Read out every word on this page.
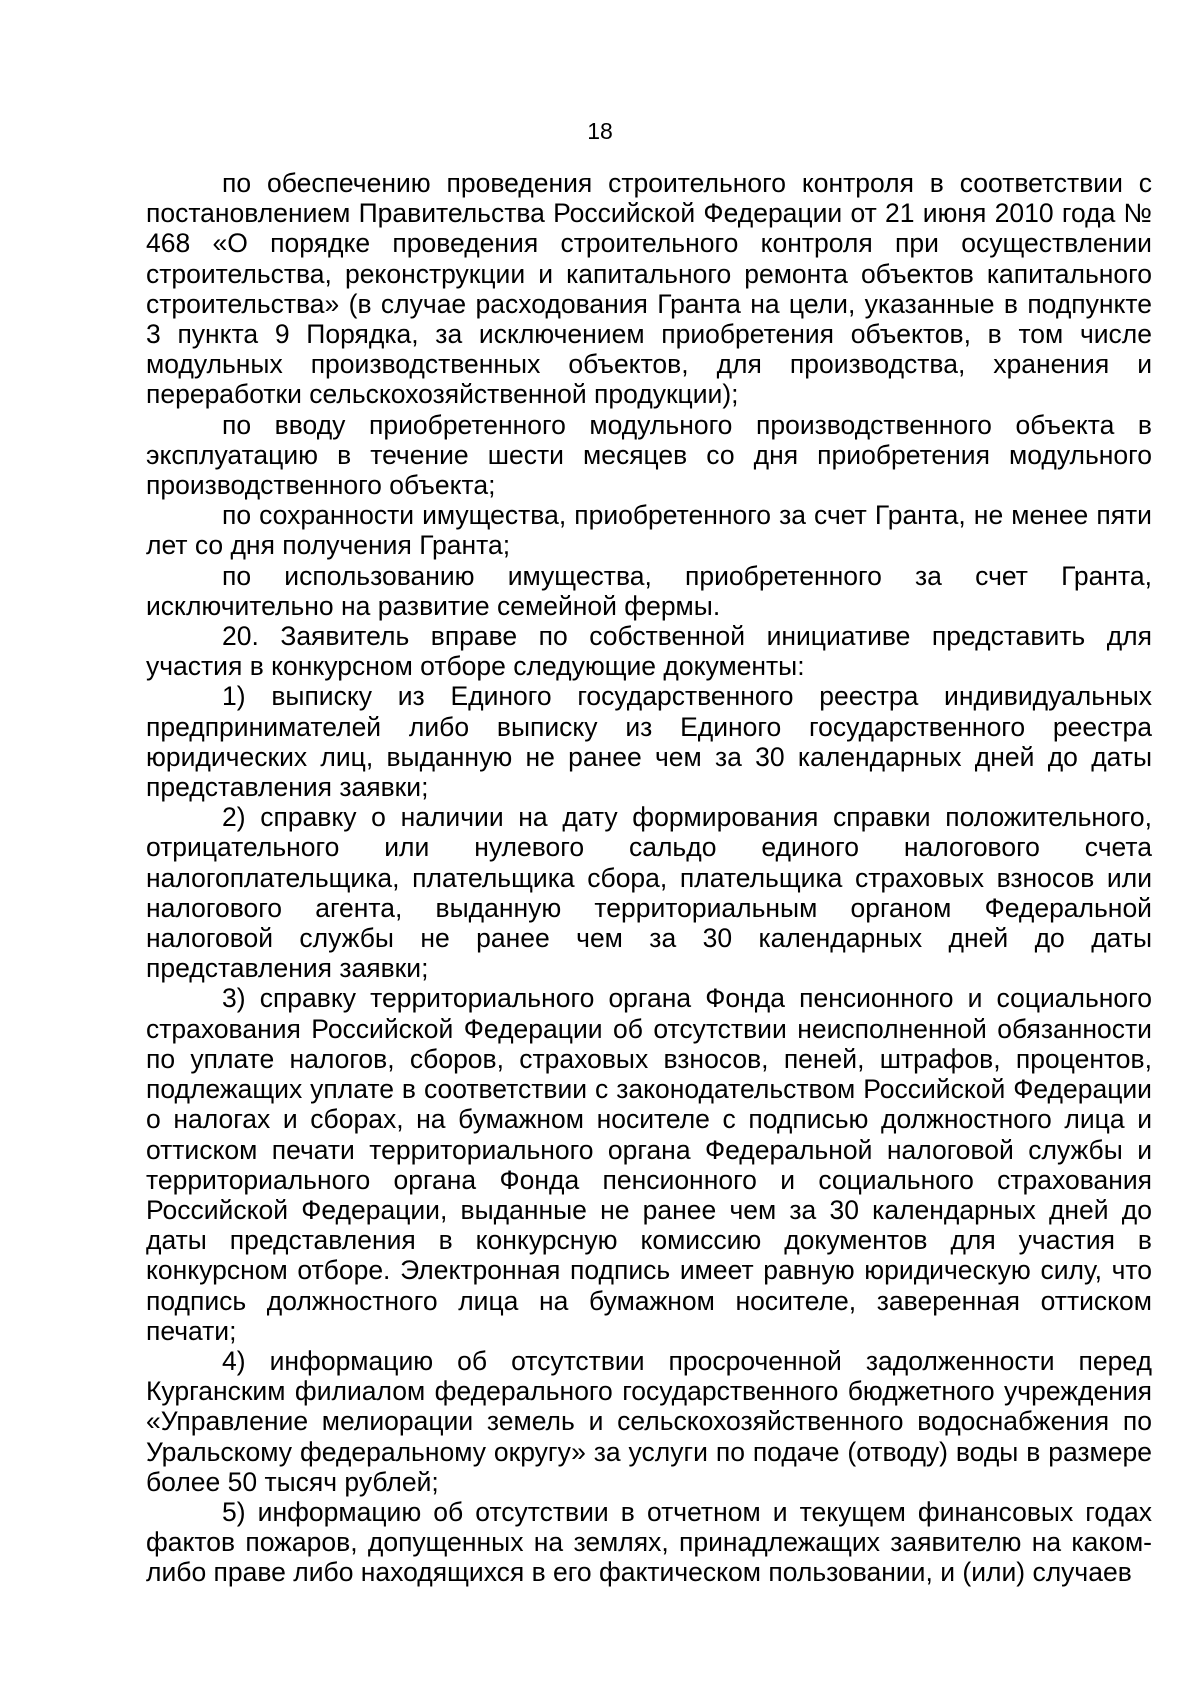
18

по обеспечению проведения строительного контроля в соответствии с постановлением Правительства Российской Федерации от 21 июня 2010 года № 468 «О порядке проведения строительного контроля при осуществлении строительства, реконструкции и капитального ремонта объектов капитального строительства» (в случае расходования Гранта на цели, указанные в подпункте 3 пункта 9 Порядка, за исключением приобретения объектов, в том числе модульных производственных объектов, для производства, хранения и переработки сельскохозяйственной продукции);

по вводу приобретенного модульного производственного объекта в эксплуатацию в течение шести месяцев со дня приобретения модульного производственного объекта;

по сохранности имущества, приобретенного за счет Гранта, не менее пяти лет со дня получения Гранта;

по использованию имущества, приобретенного за счет Гранта, исключительно на развитие семейной фермы.

20. Заявитель вправе по собственной инициативе представить для участия в конкурсном отборе следующие документы:

1) выписку из Единого государственного реестра индивидуальных предпринимателей либо выписку из Единого государственного реестра юридических лиц, выданную не ранее чем за 30 календарных дней до даты представления заявки;

2) справку о наличии на дату формирования справки положительного, отрицательного или нулевого сальдо единого налогового счета налогоплательщика, плательщика сбора, плательщика страховых взносов или налогового агента, выданную территориальным органом Федеральной налоговой службы не ранее чем за 30 календарных дней до даты представления заявки;

3) справку территориального органа Фонда пенсионного и социального страхования Российской Федерации об отсутствии неисполненной обязанности по уплате налогов, сборов, страховых взносов, пеней, штрафов, процентов, подлежащих уплате в соответствии с законодательством Российской Федерации о налогах и сборах, на бумажном носителе с подписью должностного лица и оттиском печати территориального органа Федеральной налоговой службы и территориального органа Фонда пенсионного и социального страхования Российской Федерации, выданные не ранее чем за 30 календарных дней до даты представления в конкурсную комиссию документов для участия в конкурсном отборе. Электронная подпись имеет равную юридическую силу, что подпись должностного лица на бумажном носителе, заверенная оттиском печати;

4) информацию об отсутствии просроченной задолженности перед Курганским филиалом федерального государственного бюджетного учреждения «Управление мелиорации земель и сельскохозяйственного водоснабжения по Уральскому федеральному округу» за услуги по подаче (отводу) воды в размере более 50 тысяч рублей;

5) информацию об отсутствии в отчетном и текущем финансовых годах фактов пожаров, допущенных на землях, принадлежащих заявителю на каком-либо праве либо находящихся в его фактическом пользовании, и (или) случаев
